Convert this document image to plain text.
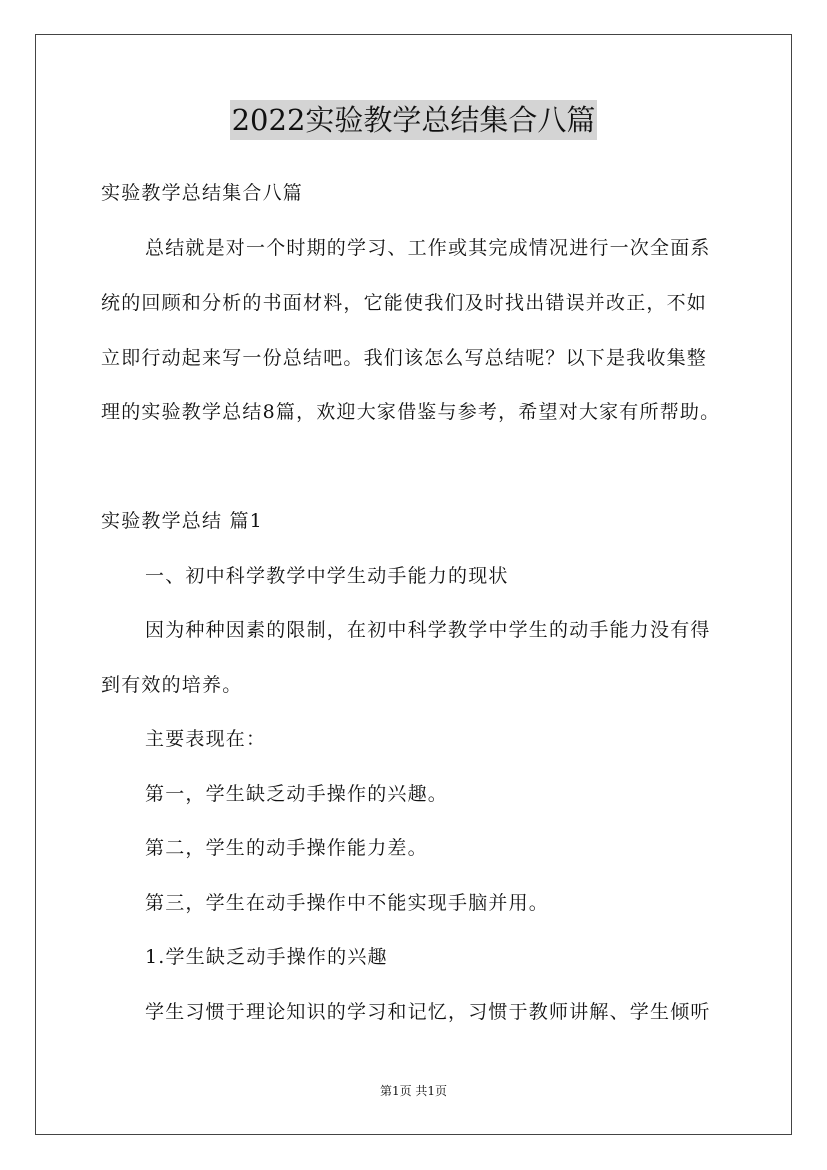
2022实验教学总结集合八篇
实验教学总结集合八篇
总结就是对一个时期的学习、工作或其完成情况进行一次全面系
统的回顾和分析的书面材料，它能使我们及时找出错误并改正，不如
立即行动起来写一份总结吧。我们该怎么写总结呢？以下是我收集整
理的实验教学总结8篇，欢迎大家借鉴与参考，希望对大家有所帮助。
实验教学总结 篇1
一、初中科学教学中学生动手能力的现状
因为种种因素的限制，在初中科学教学中学生的动手能力没有得
到有效的培养。
主要表现在：
第一，学生缺乏动手操作的兴趣。
第二，学生的动手操作能力差。
第三，学生在动手操作中不能实现手脑并用。
1.学生缺乏动手操作的兴趣
学生习惯于理论知识的学习和记忆，习惯于教师讲解、学生倾听
第1页 共1页
